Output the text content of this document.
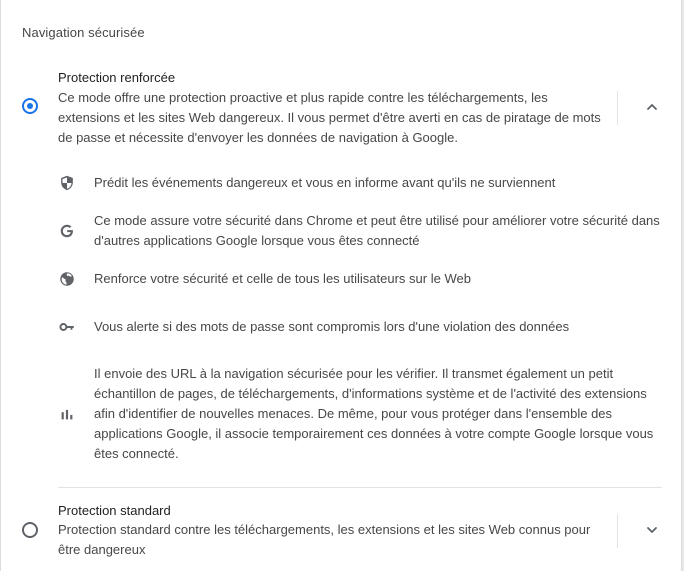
Navigation sécurisée
Protection renforcée
Ce mode offre une protection proactive et plus rapide contre les téléchargements, les
extensions et les sites Web dangereux. Il vous permet d'être averti en cas de piratage de mots
de passe et nécessite d'envoyer les données de navigation à Google.
Prédit les événements dangereux et vous en informe avant qu'ils ne surviennent
Ce mode assure votre sécurité dans Chrome et peut être utilisé pour améliorer votre sécurité dans
d'autres applications Google lorsque vous êtes connecté
Renforce votre sécurité et celle de tous les utilisateurs sur le Web
Vous alerte si des mots de passe sont compromis lors d'une violation des données
Il envoie des URL à la navigation sécurisée pour les vérifier. Il transmet également un petit
échantillon de pages, de téléchargements, d'informations système et de l'activité des extensions
afin d'identifier de nouvelles menaces. De même, pour vous protéger dans l'ensemble des
applications Google, il associe temporairement ces données à votre compte Google lorsque vous
êtes connecté.
Protection standard
Protection standard contre les téléchargements, les extensions et les sites Web connus pour
être dangereux
